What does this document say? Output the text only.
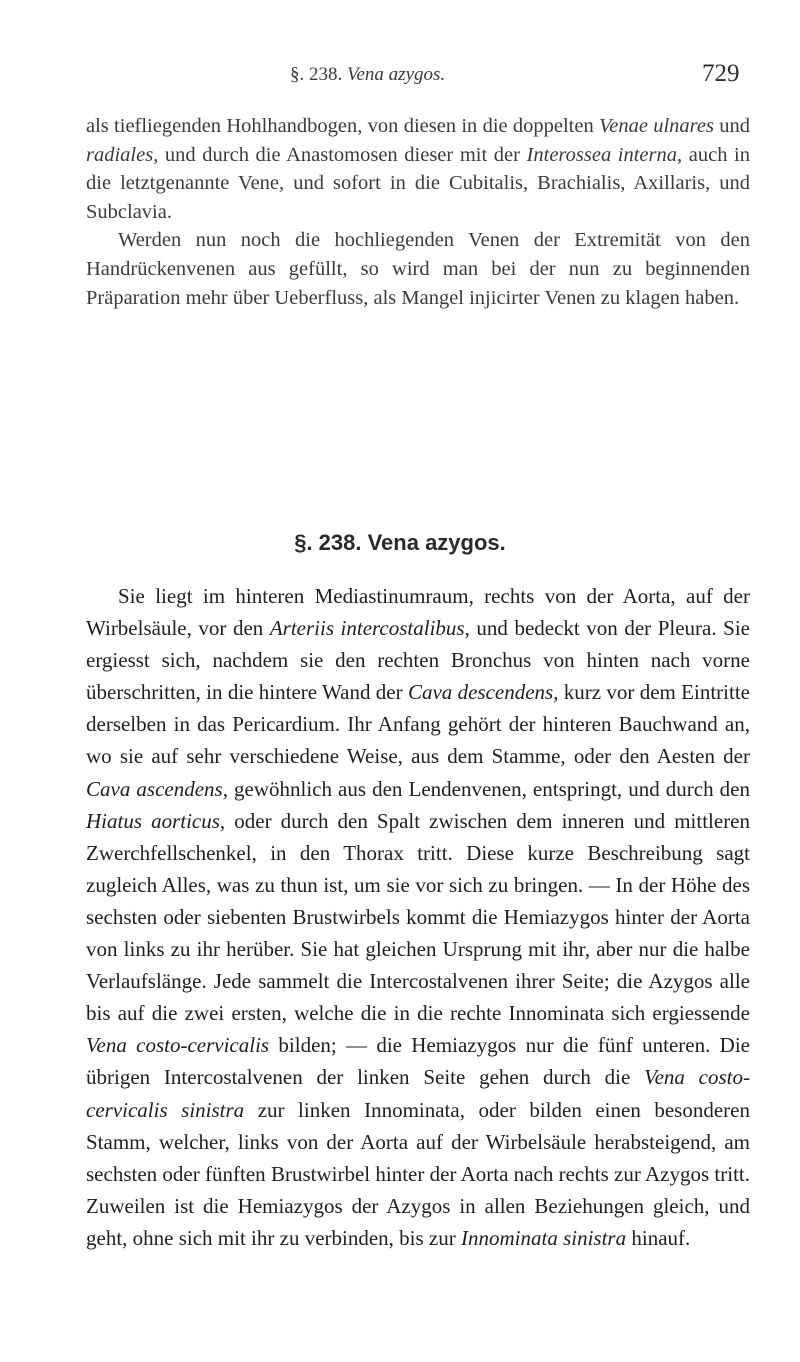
§. 238. Vena azygos.	729

als tiefliegenden Hohlhandbogen, von diesen in die doppelten Venae ulnares und radiales, und durch die Anastomosen dieser mit der Interossea interna, auch in die letztgenannte Vene, und sofort in die Cubitalis, Brachialis, Axillaris, und Subclavia.

Werden nun noch die hochliegenden Venen der Extremität von den Handrückenvenen aus gefüllt, so wird man bei der nun zu beginnenden Präparation mehr über Ueberfluss, als Mangel injicirter Venen zu klagen haben.

§. 238. Vena azygos.

Sie liegt im hinteren Mediastinumraum, rechts von der Aorta, auf der Wirbelsäule, vor den Arteriis intercostalibus, und bedeckt von der Pleura. Sie ergiesst sich, nachdem sie den rechten Bronchus von hinten nach vorne überschritten, in die hintere Wand der Cava descendens, kurz vor dem Eintritte derselben in das Pericardium. Ihr Anfang gehört der hinteren Bauchwand an, wo sie auf sehr verschiedene Weise, aus dem Stamme, oder den Aesten der Cava ascendens, gewöhnlich aus den Lendenvenen, entspringt, und durch den Hiatus aorticus, oder durch den Spalt zwischen dem inneren und mittleren Zwerchfellschenkel, in den Thorax tritt. Diese kurze Beschreibung sagt zugleich Alles, was zu thun ist, um sie vor sich zu bringen. — In der Höhe des sechsten oder siebenten Brustwirbels kommt die Hemiazygos hinter der Aorta von links zu ihr herüber. Sie hat gleichen Ursprung mit ihr, aber nur die halbe Verlaufslänge. Jede sammelt die Intercostalvenen ihrer Seite; die Azygos alle bis auf die zwei ersten, welche die in die rechte Innominata sich ergiessende Vena costo-cervicalis bilden; — die Hemiazygos nur die fünf unteren. Die übrigen Intercostalvenen der linken Seite gehen durch die Vena costo-cervicalis sinistra zur linken Innominata, oder bilden einen besonderen Stamm, welcher, links von der Aorta auf der Wirbelsäule herabsteigend, am sechsten oder fünften Brustwirbel hinter der Aorta nach rechts zur Azygos tritt. Zuweilen ist die Hemiazygos der Azygos in allen Beziehungen gleich, und geht, ohne sich mit ihr zu verbinden, bis zur Innominata sinistra hinauf.
